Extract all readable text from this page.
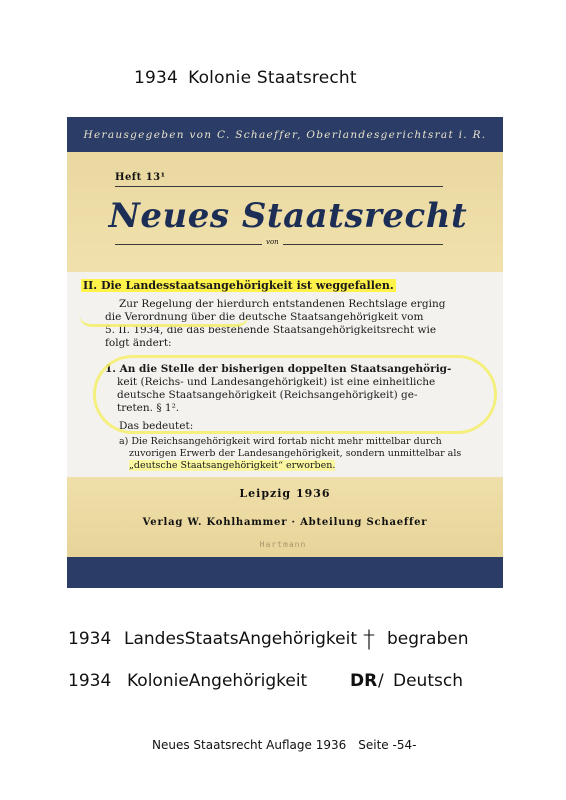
1934 Kolonie Staatsrecht
Herausgegeben von C. Schaeffer, Oberlandesgerichtsrat i. R.
Heft 13¹
Neues Staatsrecht
von
II. Die Landesstaatsangehörigkeit ist weggefallen.
Zur Regelung der hierdurch entstandenen Rechtslage erging
die Verordnung über die deutsche Staatsangehörigkeit vom
5. II. 1934, die das bestehende Staatsangehörigkeitsrecht wie
folgt ändert:
1. An die Stelle der bisherigen doppelten Staatsangehörig-
keit (Reichs- und Landesangehörigkeit) ist eine einheitliche
deutsche Staatsangehörigkeit (Reichsangehörigkeit) ge-
treten. § 1².
Das bedeutet:
a) Die Reichsangehörigkeit wird fortab nicht mehr mittelbar durch
zuvorigen Erwerb der Landesangehörigkeit, sondern unmittelbar als
„deutsche Staatsangehörigkeit“ erworben.
Leipzig 1936
Verlag W. Kohlhammer · Abteilung Schaeffer
Hartmann
1934 LandesStaatsAngehörigkeit † begraben
1934 KolonieAngehörigkeit	DR / Deutsch
Neues Staatsrecht Auflage 1936 Seite -54-
